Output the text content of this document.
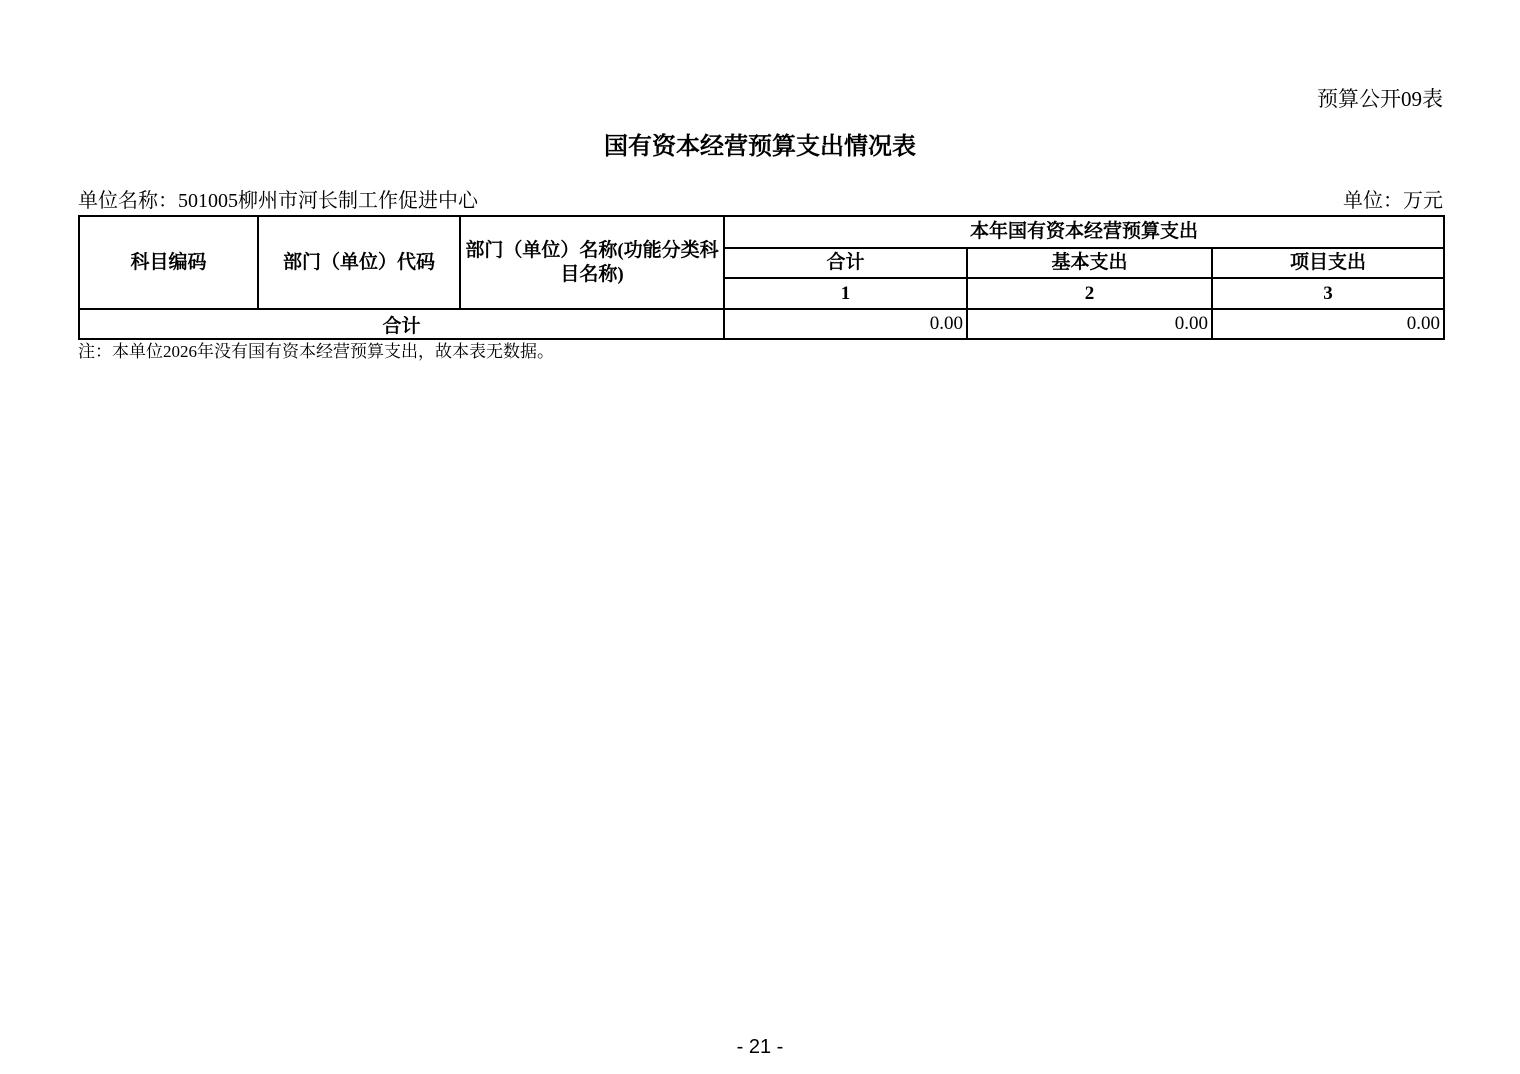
预算公开09表
国有资本经营预算支出情况表
单位名称：501005柳州市河长制工作促进中心	单位：万元
科目编码	部门（单位）代码	部门（单位）名称(功能分类科目名称)	本年国有资本经营预算支出		
			合计	基本支出	项目支出
			1	2	3
合计			0.00	0.00	0.00
注：本单位2026年没有国有资本经营预算支出，故本表无数据。
- 21 -
